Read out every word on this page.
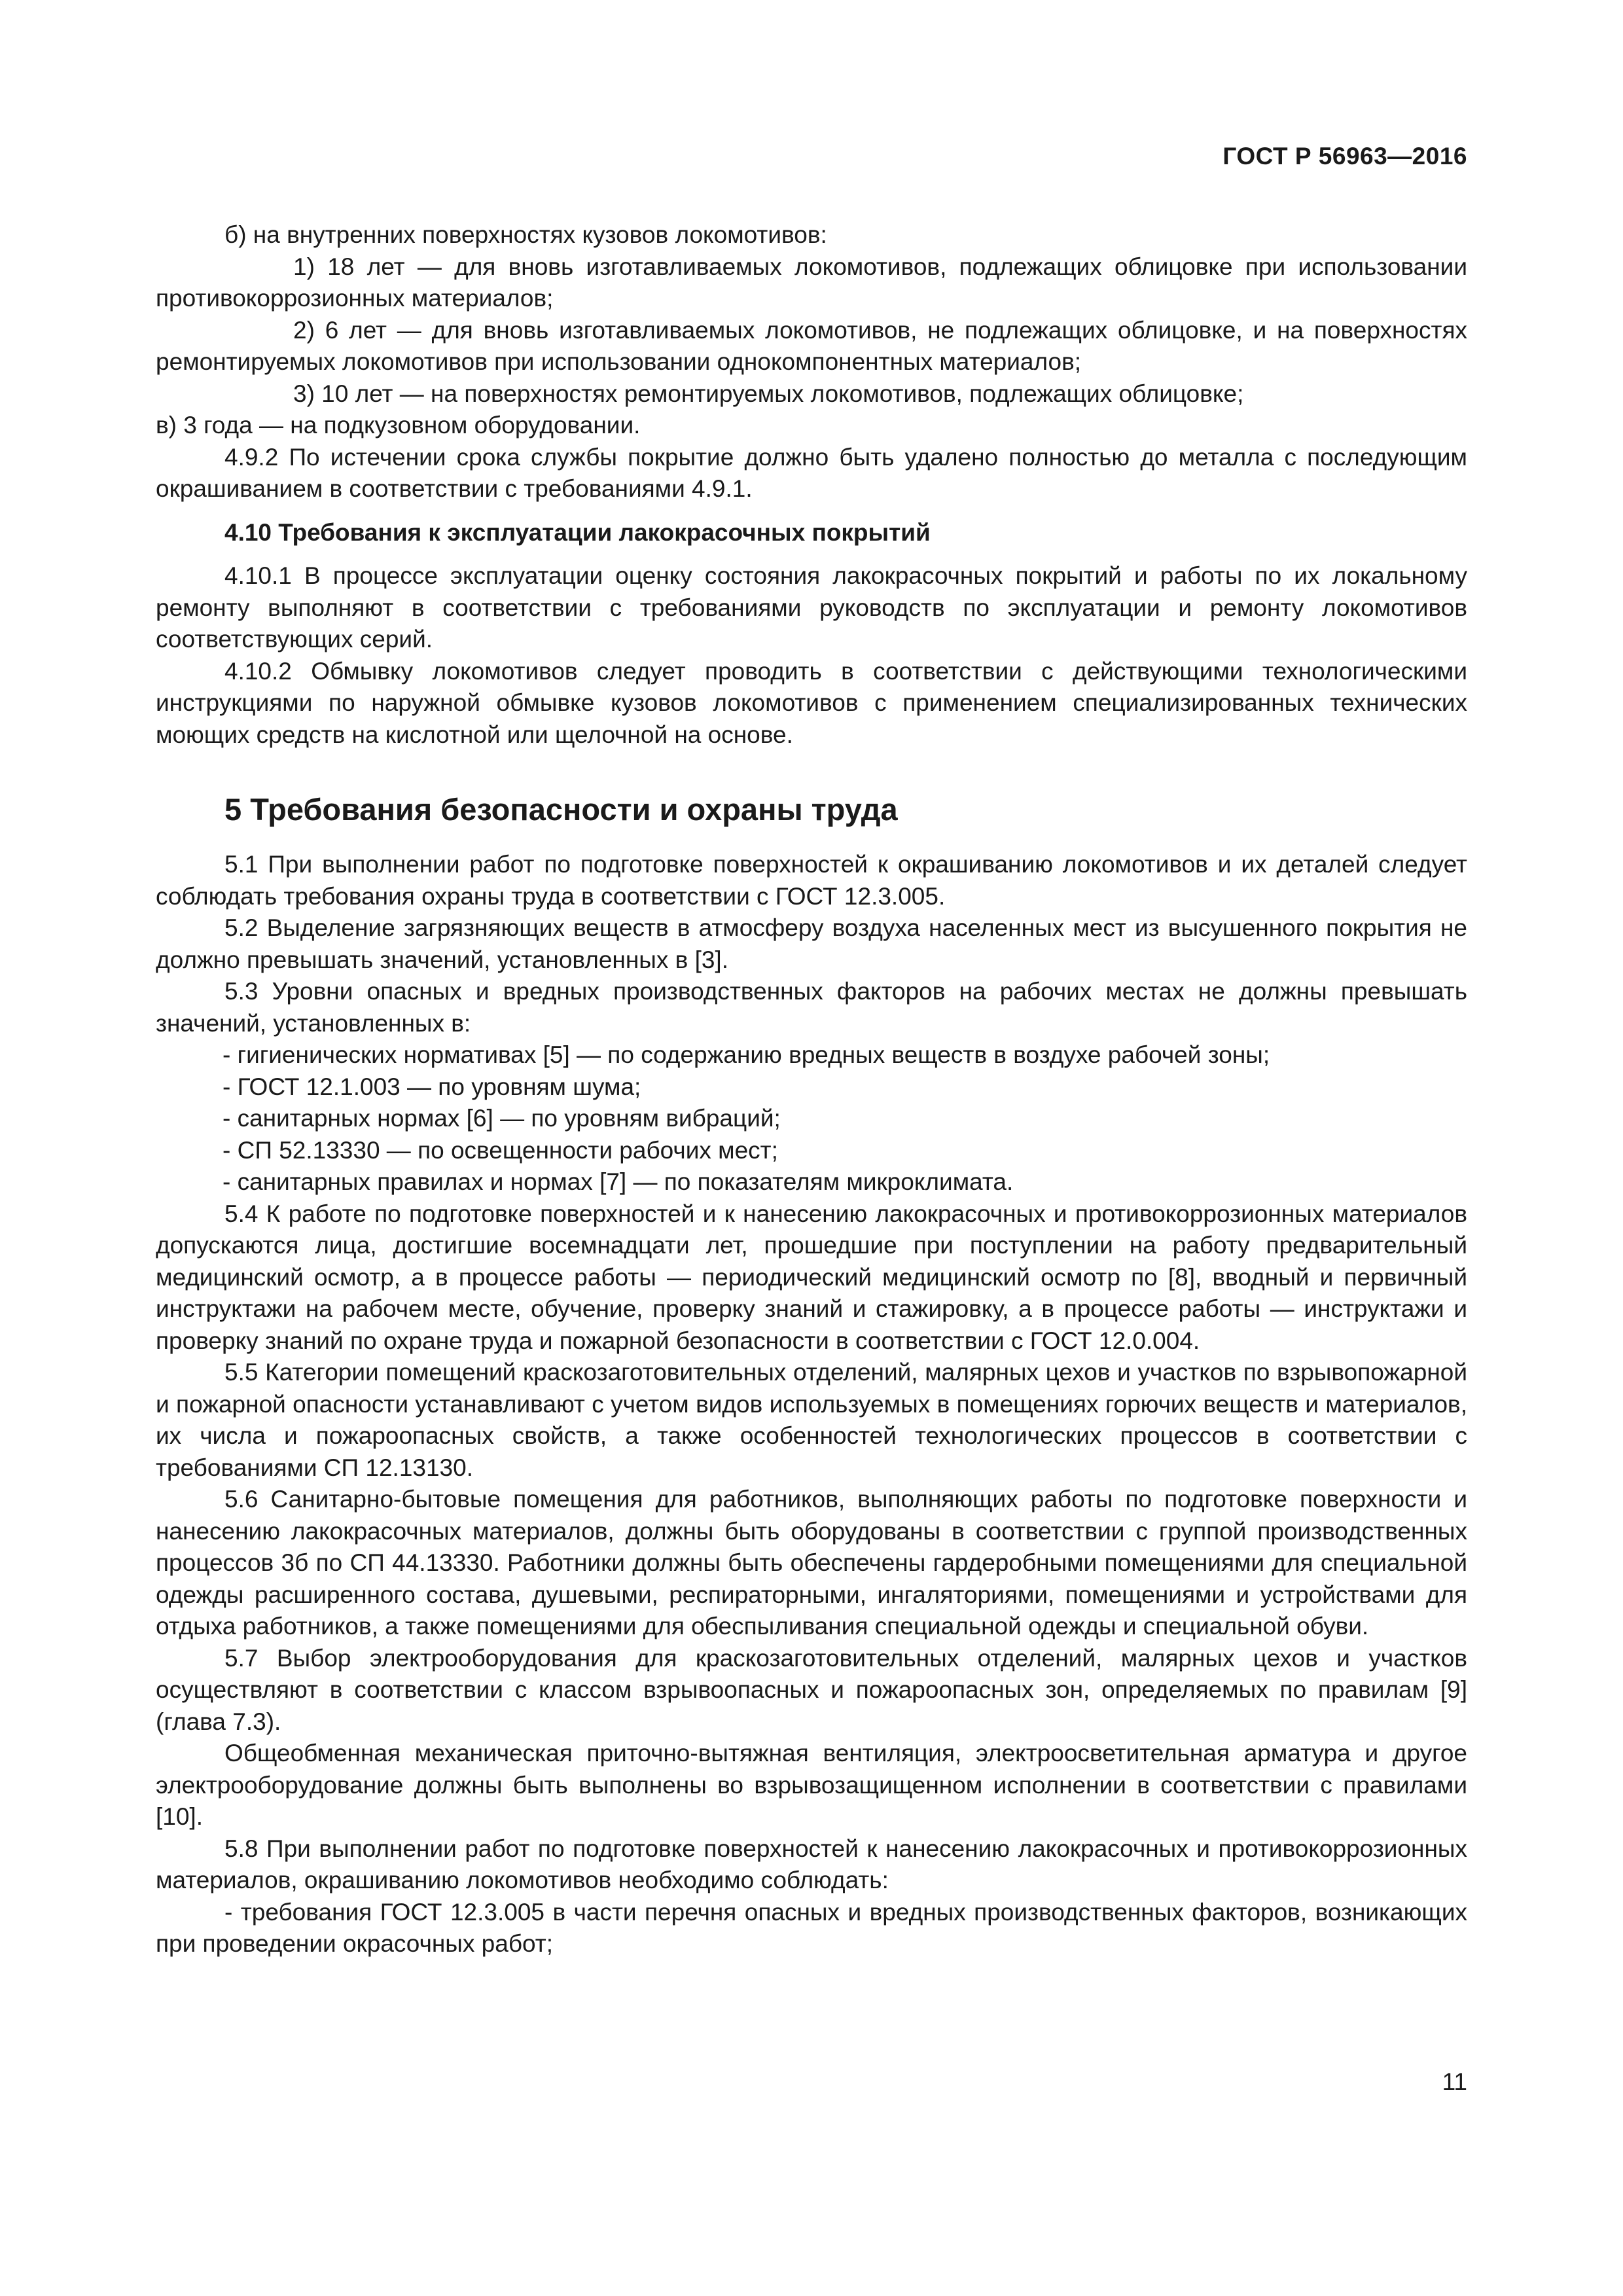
ГОСТ Р 56963—2016

б) на внутренних поверхностях кузовов локомотивов:

1) 18 лет — для вновь изготавливаемых локомотивов, подлежащих облицовке при использовании противокоррозионных материалов;

2) 6 лет — для вновь изготавливаемых локомотивов, не подлежащих облицовке, и на поверхностях ремонтируемых локомотивов при использовании однокомпонентных материалов;

3) 10 лет — на поверхностях ремонтируемых локомотивов, подлежащих облицовке;

в) 3 года — на подкузовном оборудовании.

4.9.2 По истечении срока службы покрытие должно быть удалено полностью до металла с последующим окрашиванием в соответствии с требованиями 4.9.1.

4.10 Требования к эксплуатации лакокрасочных покрытий

4.10.1 В процессе эксплуатации оценку состояния лакокрасочных покрытий и работы по их локальному ремонту выполняют в соответствии с требованиями руководств по эксплуатации и ремонту локомотивов соответствующих серий.

4.10.2 Обмывку локомотивов следует проводить в соответствии с действующими технологическими инструкциями по наружной обмывке кузовов локомотивов с применением специализированных технических моющих средств на кислотной или щелочной на основе.

5 Требования безопасности и охраны труда

5.1 При выполнении работ по подготовке поверхностей к окрашиванию локомотивов и их деталей следует соблюдать требования охраны труда в соответствии с ГОСТ 12.3.005.

5.2 Выделение загрязняющих веществ в атмосферу воздуха населенных мест из высушенного покрытия не должно превышать значений, установленных в [3].

5.3 Уровни опасных и вредных производственных факторов на рабочих местах не должны превышать значений, установленных в:

- гигиенических нормативах [5] — по содержанию вредных веществ в воздухе рабочей зоны;

- ГОСТ 12.1.003 — по уровням шума;

- санитарных нормах [6] — по уровням вибраций;

- СП 52.13330 — по освещенности рабочих мест;

- санитарных правилах и нормах [7] — по показателям микроклимата.

5.4 К работе по подготовке поверхностей и к нанесению лакокрасочных и противокоррозионных материалов допускаются лица, достигшие восемнадцати лет, прошедшие при поступлении на работу предварительный медицинский осмотр, а в процессе работы — периодический медицинский осмотр по [8], вводный и первичный инструктажи на рабочем месте, обучение, проверку знаний и стажировку, а в процессе работы — инструктажи и проверку знаний по охране труда и пожарной безопасности в соответствии с ГОСТ 12.0.004.

5.5 Категории помещений краскозаготовительных отделений, малярных цехов и участков по взрывопожарной и пожарной опасности устанавливают с учетом видов используемых в помещениях горючих веществ и материалов, их числа и пожароопасных свойств, а также особенностей технологических процессов в соответствии с требованиями СП 12.13130.

5.6 Санитарно-бытовые помещения для работников, выполняющих работы по подготовке поверхности и нанесению лакокрасочных материалов, должны быть оборудованы в соответствии с группой производственных процессов 3б по СП 44.13330. Работники должны быть обеспечены гардеробными помещениями для специальной одежды расширенного состава, душевыми, респираторными, ингаляториями, помещениями и устройствами для отдыха работников, а также помещениями для обеспыливания специальной одежды и специальной обуви.

5.7 Выбор электрооборудования для краскозаготовительных отделений, малярных цехов и участков осуществляют в соответствии с классом взрывоопасных и пожароопасных зон, определяемых по правилам [9] (глава 7.3).

Общеобменная механическая приточно-вытяжная вентиляция, электроосветительная арматура и другое электрооборудование должны быть выполнены во взрывозащищенном исполнении в соответствии с правилами [10].

5.8 При выполнении работ по подготовке поверхностей к нанесению лакокрасочных и противокоррозионных материалов, окрашиванию локомотивов необходимо соблюдать:

- требования ГОСТ 12.3.005 в части перечня опасных и вредных производственных факторов, возникающих при проведении окрасочных работ;

11
